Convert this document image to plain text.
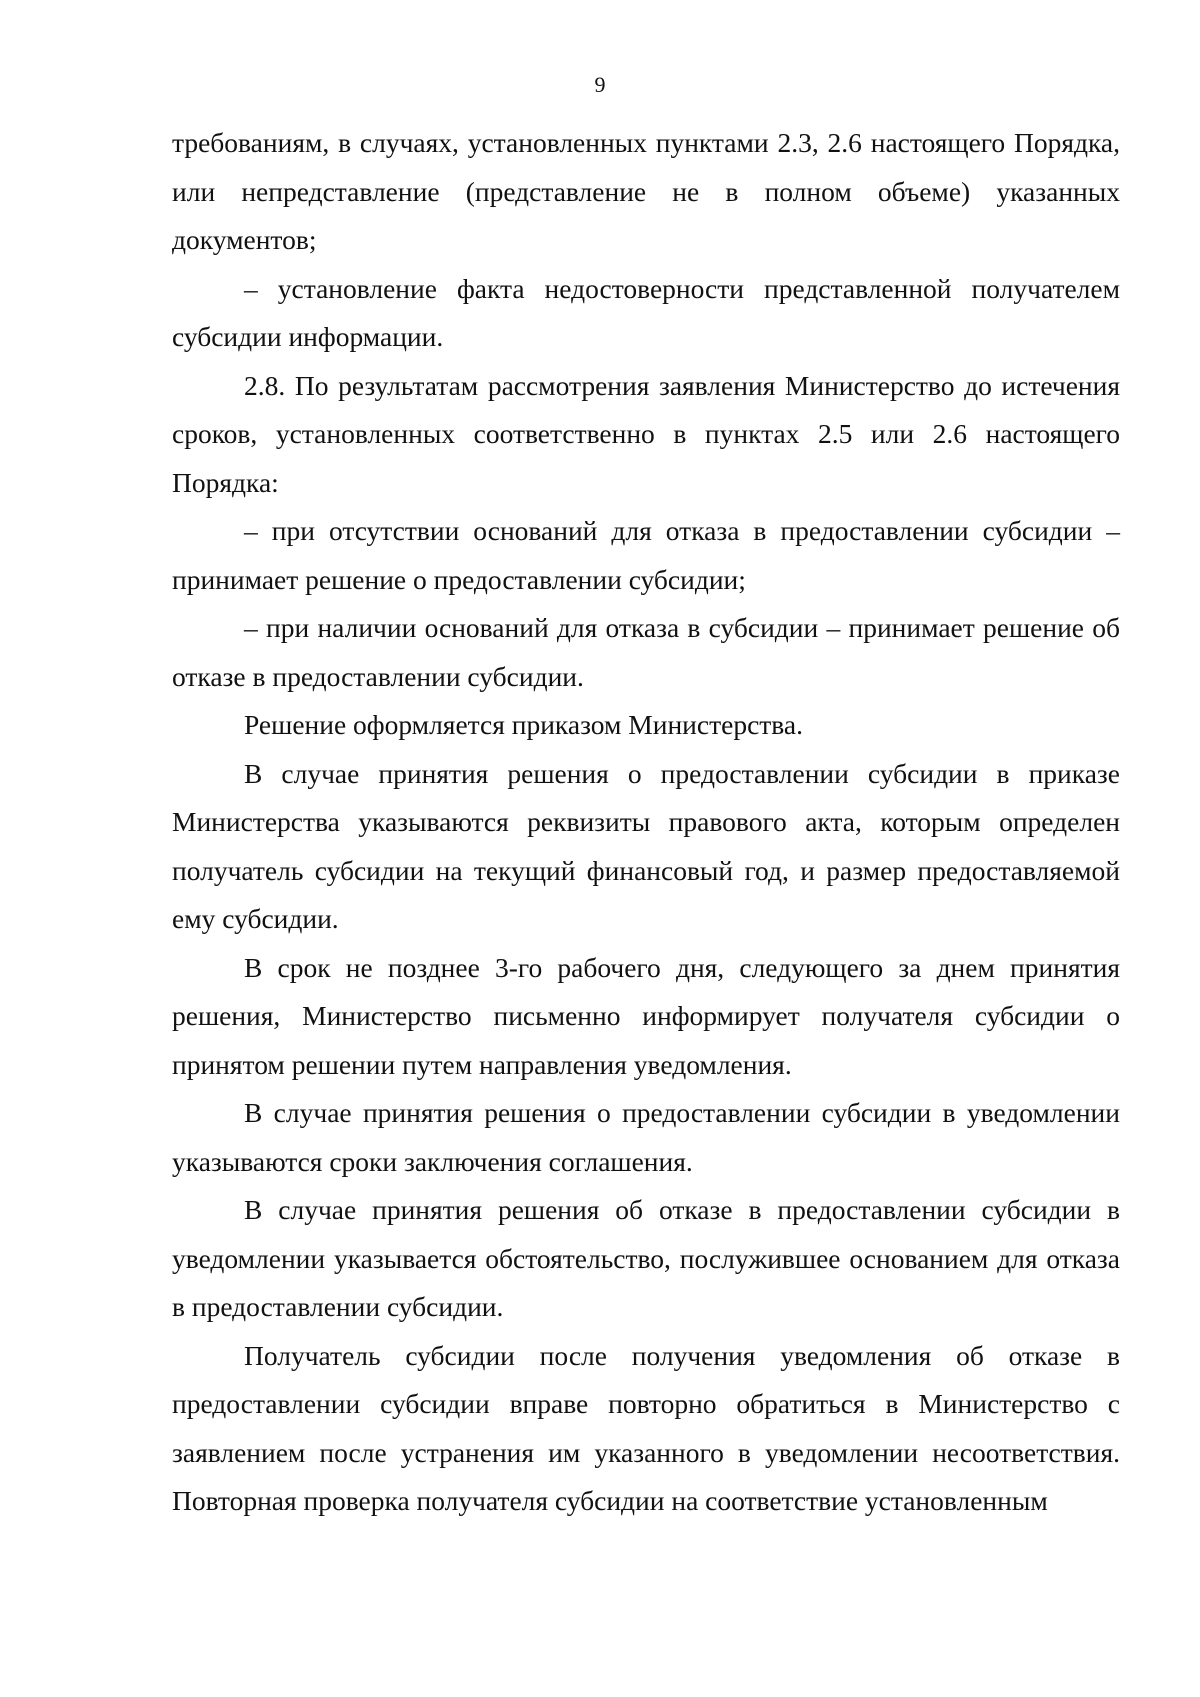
9

требованиям, в случаях, установленных пунктами 2.3, 2.6 настоящего Порядка, или непредставление (представление не в полном объеме) указанных документов;

– установление факта недостоверности представленной получателем субсидии информации.

2.8. По результатам рассмотрения заявления Министерство до истечения сроков, установленных соответственно в пунктах 2.5 или 2.6 настоящего Порядка:

– при отсутствии оснований для отказа в предоставлении субсидии – принимает решение о предоставлении субсидии;

– при наличии оснований для отказа в субсидии – принимает решение об отказе в предоставлении субсидии.

Решение оформляется приказом Министерства.

В случае принятия решения о предоставлении субсидии в приказе Министерства указываются реквизиты правового акта, которым определен получатель субсидии на текущий финансовый год, и размер предоставляемой ему субсидии.

В срок не позднее 3-го рабочего дня, следующего за днем принятия решения, Министерство письменно информирует получателя субсидии о принятом решении путем направления уведомления.

В случае принятия решения о предоставлении субсидии в уведомлении указываются сроки заключения соглашения.

В случае принятия решения об отказе в предоставлении субсидии в уведомлении указывается обстоятельство, послужившее основанием для отказа в предоставлении субсидии.

Получатель субсидии после получения уведомления об отказе в предоставлении субсидии вправе повторно обратиться в Министерство с заявлением после устранения им указанного в уведомлении несоответствия. Повторная проверка получателя субсидии на соответствие установленным
